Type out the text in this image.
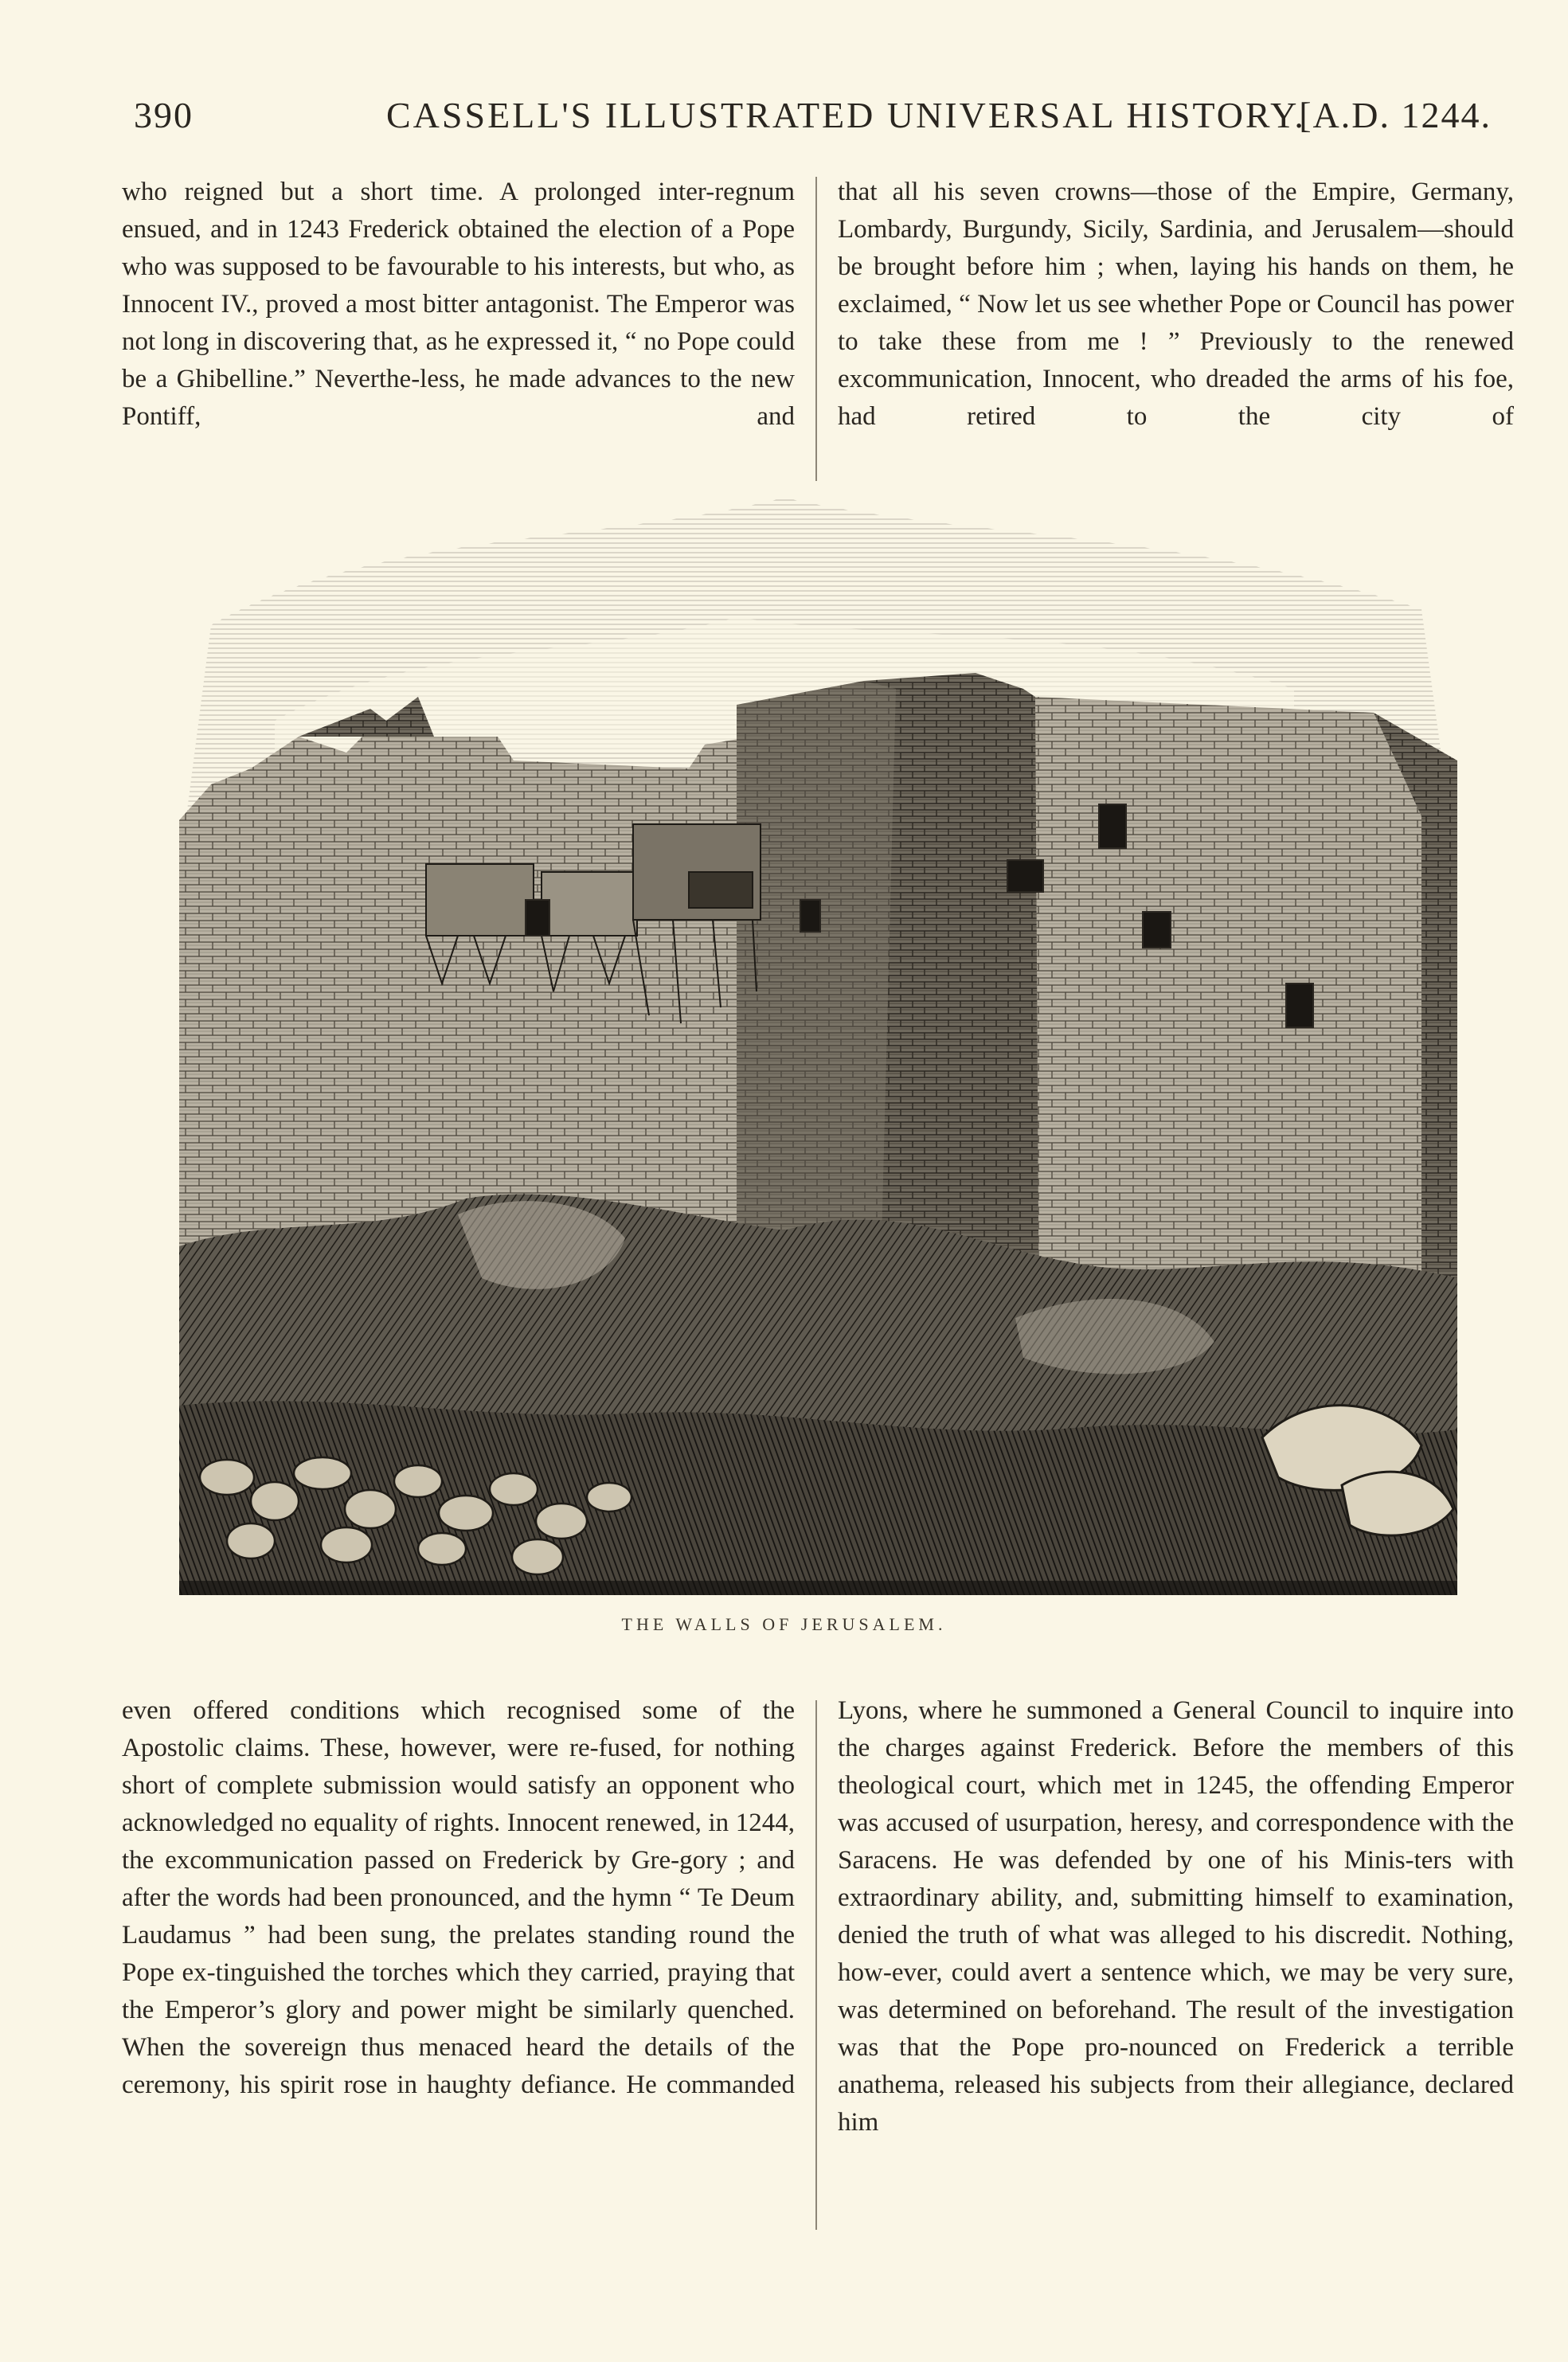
390	CASSELL'S ILLUSTRATED UNIVERSAL HISTORY.
[A.D. 1244.
who reigned but a short time. A prolonged inter-regnum ensued, and in 1243 Frederick obtained the election of a Pope who was supposed to be favourable to his interests, but who, as Innocent IV., proved a most bitter antagonist. The Emperor was not long in discovering that, as he expressed it, “ no Pope could be a Ghibelline.” Neverthe-less, he made advances to the new Pontiff, and
that all his seven crowns—those of the Empire, Germany, Lombardy, Burgundy, Sicily, Sardinia, and Jerusalem—should be brought before him ; when, laying his hands on them, he exclaimed, “ Now let us see whether Pope or Council has power to take these from me ! ” Previously to the renewed excommunication, Innocent, who dreaded the arms of his foe, had retired to the city of
THE WALLS OF JERUSALEM.
even offered conditions which recognised some of the Apostolic claims. These, however, were re-fused, for nothing short of complete submission would satisfy an opponent who acknowledged no equality of rights. Innocent renewed, in 1244, the excommunication passed on Frederick by Gre-gory ; and after the words had been pronounced, and the hymn “ Te Deum Laudamus ” had been sung, the prelates standing round the Pope ex-tinguished the torches which they carried, praying that the Emperor’s glory and power might be similarly quenched. When the sovereign thus menaced heard the details of the ceremony, his spirit rose in haughty defiance. He commanded
Lyons, where he summoned a General Council to inquire into the charges against Frederick. Before the members of this theological court, which met in 1245, the offending Emperor was accused of usurpation, heresy, and correspondence with the Saracens. He was defended by one of his Minis-ters with extraordinary ability, and, submitting himself to examination, denied the truth of what was alleged to his discredit. Nothing, how-ever, could avert a sentence which, we may be very sure, was determined on beforehand. The result of the investigation was that the Pope pro-nounced on Frederick a terrible anathema, released his subjects from their allegiance, declared him
